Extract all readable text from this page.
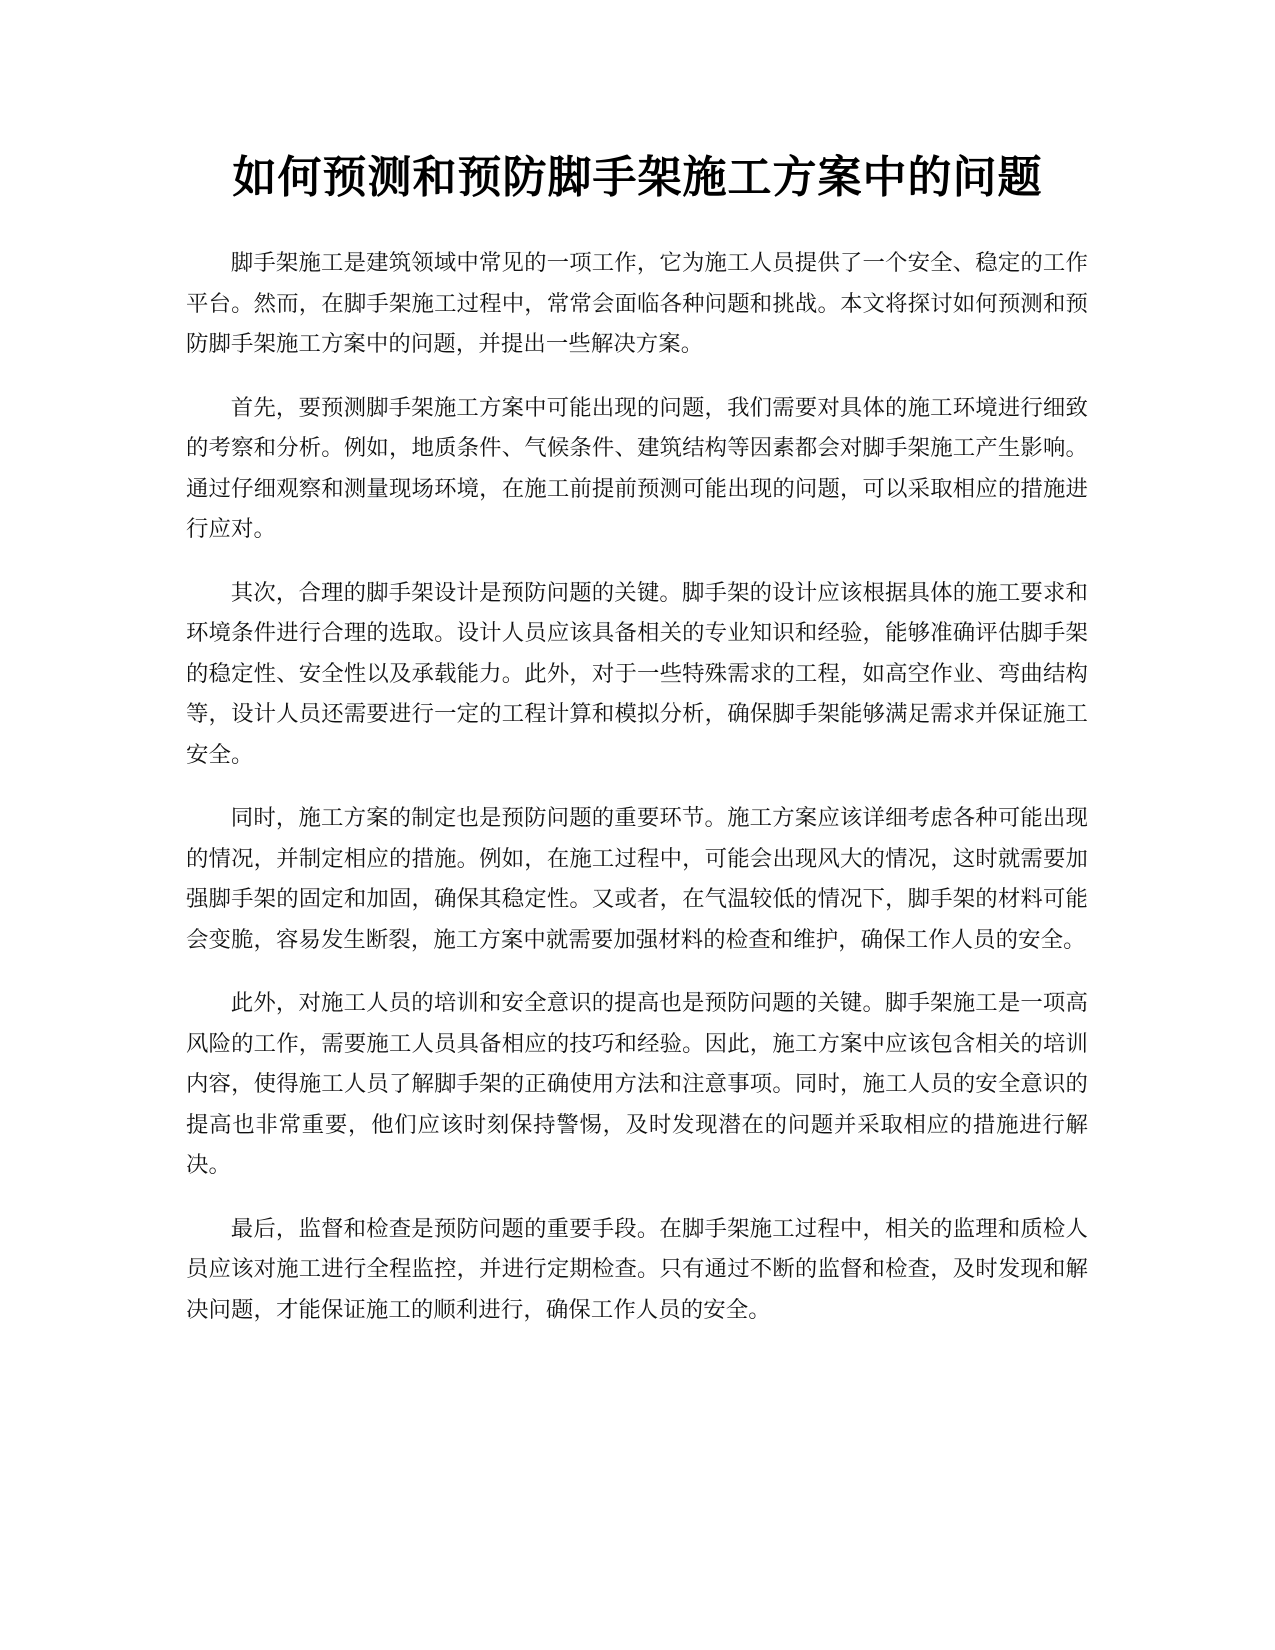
如何预测和预防脚手架施工方案中的问题

脚手架施工是建筑领域中常见的一项工作，它为施工人员提供了一个安全、稳定的工作平台。然而，在脚手架施工过程中，常常会面临各种问题和挑战。本文将探讨如何预测和预防脚手架施工方案中的问题，并提出一些解决方案。

首先，要预测脚手架施工方案中可能出现的问题，我们需要对具体的施工环境进行细致的考察和分析。例如，地质条件、气候条件、建筑结构等因素都会对脚手架施工产生影响。通过仔细观察和测量现场环境，在施工前提前预测可能出现的问题，可以采取相应的措施进行应对。

其次，合理的脚手架设计是预防问题的关键。脚手架的设计应该根据具体的施工要求和环境条件进行合理的选取。设计人员应该具备相关的专业知识和经验，能够准确评估脚手架的稳定性、安全性以及承载能力。此外，对于一些特殊需求的工程，如高空作业、弯曲结构等，设计人员还需要进行一定的工程计算和模拟分析，确保脚手架能够满足需求并保证施工安全。

同时，施工方案的制定也是预防问题的重要环节。施工方案应该详细考虑各种可能出现的情况，并制定相应的措施。例如，在施工过程中，可能会出现风大的情况，这时就需要加强脚手架的固定和加固，确保其稳定性。又或者，在气温较低的情况下，脚手架的材料可能会变脆，容易发生断裂，施工方案中就需要加强材料的检查和维护，确保工作人员的安全。

此外，对施工人员的培训和安全意识的提高也是预防问题的关键。脚手架施工是一项高风险的工作，需要施工人员具备相应的技巧和经验。因此，施工方案中应该包含相关的培训内容，使得施工人员了解脚手架的正确使用方法和注意事项。同时，施工人员的安全意识的提高也非常重要，他们应该时刻保持警惕，及时发现潜在的问题并采取相应的措施进行解决。

最后，监督和检查是预防问题的重要手段。在脚手架施工过程中，相关的监理和质检人员应该对施工进行全程监控，并进行定期检查。只有通过不断的监督和检查，及时发现和解决问题，才能保证施工的顺利进行，确保工作人员的安全。
